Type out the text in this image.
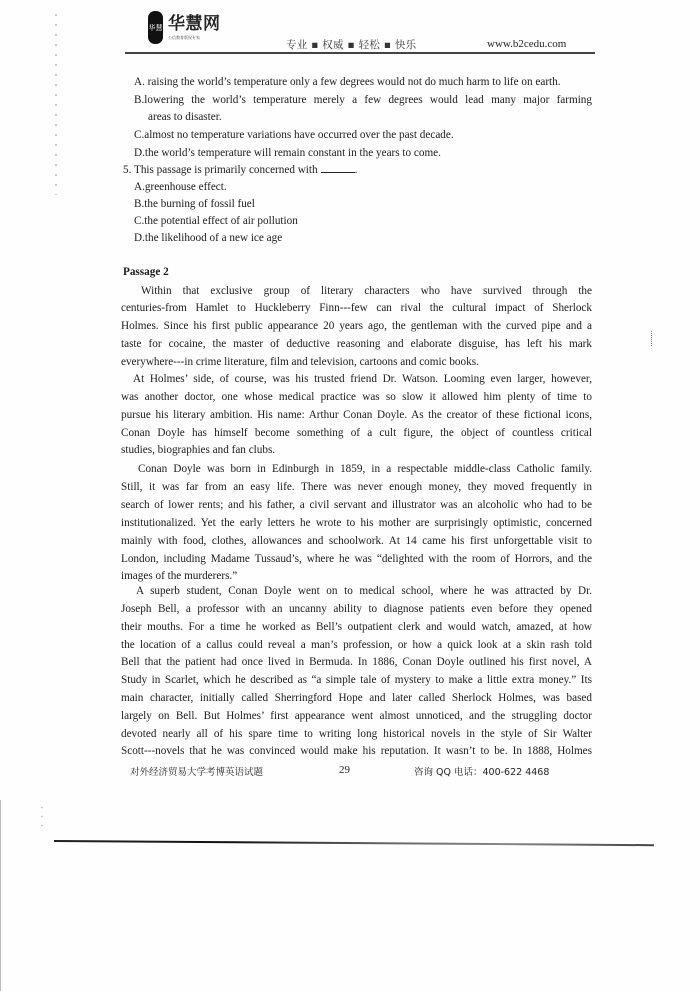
华慧 华慧网
公信教育版权专家
专业 ▪ 权威 ▪ 轻松 ▪ 快乐	www.b2cedu.com
A. raising the world’s temperature only a few degrees would not do much harm to life on earth.
B.lowering the world’s temperature merely a few degrees would lead many major farming
areas to disaster.
C.almost no temperature variations have occurred over the past decade.
D.the world’s temperature will remain constant in the years to come.
5. This passage is primarily concerned with	.
A.greenhouse effect.
B.the burning of fossil fuel
C.the potential effect of air pollution
D.the likelihood of a new ice age
Passage 2
Within that exclusive group of literary characters who have survived through the
centuries-from Hamlet to Huckleberry Finn---few can rival the cultural impact of Sherlock
Holmes. Since his first public appearance 20 years ago, the gentleman with the curved pipe and a
taste for cocaine, the master of deductive reasoning and elaborate disguise, has left his mark
everywhere---in crime literature, film and television, cartoons and comic books.
At Holmes’ side, of course, was his trusted friend Dr. Watson. Looming even larger, however,
was another doctor, one whose medical practice was so slow it allowed him plenty of time to
pursue his literary ambition. His name: Arthur Conan Doyle. As the creator of these fictional icons,
Conan Doyle has himself become something of a cult figure, the object of countless critical
studies, biographies and fan clubs.
Conan Doyle was born in Edinburgh in 1859, in a respectable middle-class Catholic family.
Still, it was far from an easy life. There was never enough money, they moved frequently in
search of lower rents; and his father, a civil servant and illustrator was an alcoholic who had to be
institutionalized. Yet the early letters he wrote to his mother are surprisingly optimistic, concerned
mainly with food, clothes, allowances and schoolwork. At 14 came his first unforgettable visit to
London, including Madame Tussaud’s, where he was “delighted with the room of Horrors, and the
images of the murderers.”
A superb student, Conan Doyle went on to medical school, where he was attracted by Dr.
Joseph Bell, a professor with an uncanny ability to diagnose patients even before they opened
their mouths. For a time he worked as Bell’s outpatient clerk and would watch, amazed, at how
the location of a callus could reveal a man’s profession, or how a quick look at a skin rash told
Bell that the patient had once lived in Bermuda. In 1886, Conan Doyle outlined his first novel, A
Study in Scarlet, which he described as “a simple tale of mystery to make a little extra money.” Its
main character, initially called Sherringford Hope and later called Sherlock Holmes, was based
largely on Bell. But Holmes’ first appearance went almost unnoticed, and the struggling doctor
devoted nearly all of his spare time to writing long historical novels in the style of Sir Walter
Scott---novels that he was convinced would make his reputation. It wasn’t to be. In 1888, Holmes
对外经济贸易大学考博英语试题	29	咨询 QQ 电话：400-622 4468
